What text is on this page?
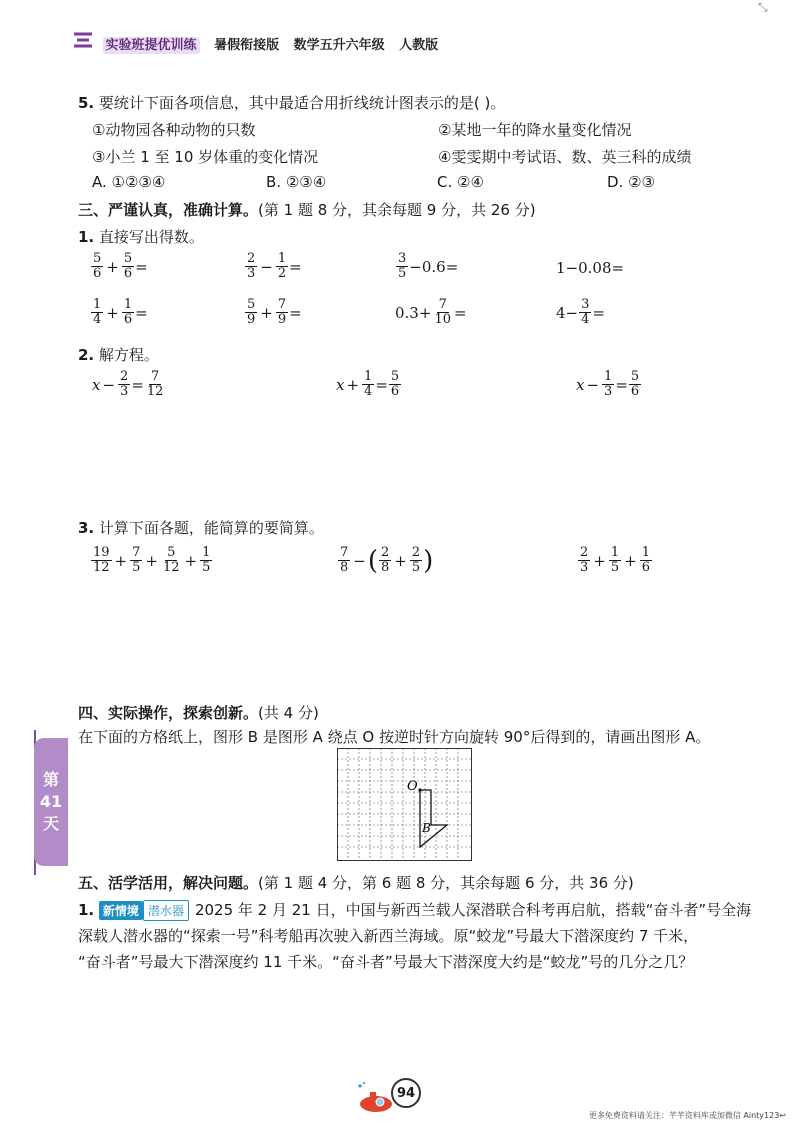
⤡
实验班提优训练 暑假衔接版 数学五升六年级 人教版
5. 要统计下面各项信息，其中最适合用折线统计图表示的是( )。
①动物园各种动物的只数	②某地一年的降水量变化情况
③小兰 1 至 10 岁体重的变化情况	④雯雯期中考试语、数、英三科的成绩
A. ①②③④	B. ②③④	C. ②④	D. ②③
三、严谨认真，准确计算。(第 1 题 8 分，其余每题 9 分，共 26 分)
1. 直接写出得数。
$\frac{5}{6} + \frac{5}{6}$ =	$\frac{2}{3} - \frac{1}{2}$ =	$\frac{3}{5} -0.6=$	1−0.08=
$\frac{1}{4} + \frac{1}{6}$ =	$\frac{5}{9} + \frac{7}{9}$ =	$0.3+ \frac{7}{10}$ =	$4- \frac{3}{4}$ =
2. 解方程。
$x - \frac{2}{3} = \frac{7}{12}$	$x + \frac{1}{4} = \frac{5}{6}$	$x - \frac{1}{3} = \frac{5}{6}$
3. 计算下面各题，能简算的要简算。
$\frac{19}{12} + \frac{7}{5} + \frac{5}{12} + \frac{1}{5}$	$\frac{7}{8}$ − ( $\frac{2}{8} + \frac{2}{5}$ )	$\frac{2}{3} + \frac{1}{5} + \frac{1}{6}$
四、实际操作，探索创新。(共 4 分)
在下面的方格纸上，图形 B 是图形 A 绕点 O 按逆时针方向旋转 90°后得到的，请画出图形 A。
O
B
第
41
天
五、活学活用，解决问题。(第 1 题 4 分，第 6 题 8 分，其余每题 6 分，共 36 分)
1. 新情境 潜水器 2025 年 2 月 21 日，中国与新西兰载人深潜联合科考再启航，搭载“奋斗者”号全海
深载人潜水器的“探索一号”科考船再次驶入新西兰海域。原“蛟龙”号最大下潜深度约 7 千米，
“奋斗者”号最大下潜深度约 11 千米。“奋斗者”号最大下潜深度大约是“蛟龙”号的几分之几？
94
更多免费资料请关注：芊芊资料库或加微信 Ainty123↩
